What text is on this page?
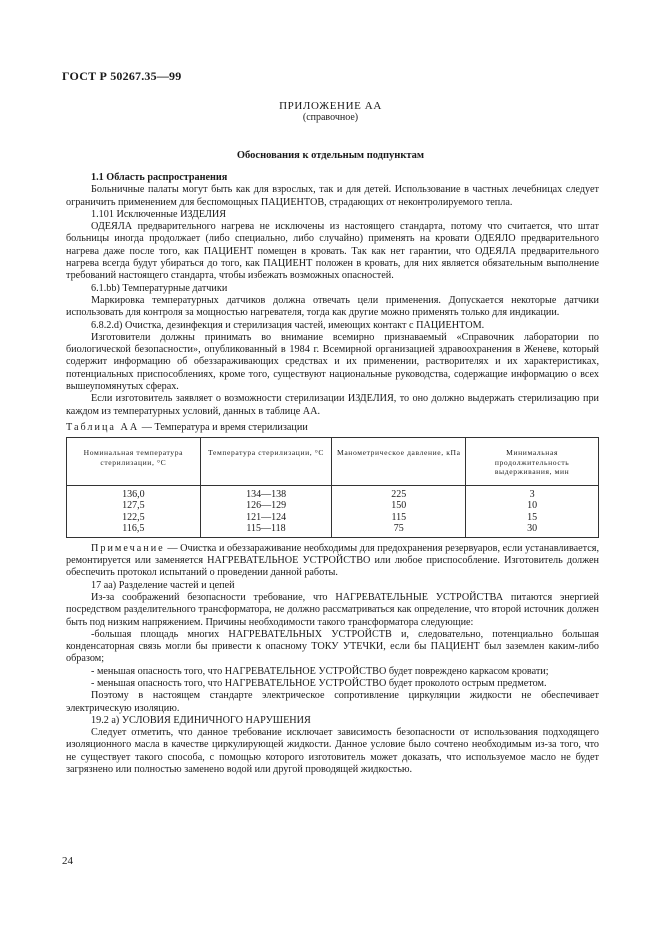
ГОСТ Р 50267.35—99
ПРИЛОЖЕНИЕ АА
(справочное)
Обоснования к отдельным подпунктам

1.1 Область распространения

Больничные палаты могут быть как для взрослых, так и для детей. Использование в частных лечебницах следует ограничить применением для беспомощных ПАЦИЕНТОВ, страдающих от неконтролируемого тепла.

1.101 Исключенные ИЗДЕЛИЯ

ОДЕЯЛА предварительного нагрева не исключены из настоящего стандарта, потому что считается, что штат больницы иногда продолжает (либо специально, либо случайно) применять на кровати ОДЕЯЛО предварительного нагрева даже после того, как ПАЦИЕНТ помещен в кровать. Так как нет гарантии, что ОДЕЯЛА предварительного нагрева всегда будут убираться до того, как ПАЦИЕНТ положен в кровать, для них является обязательным выполнение требований настоящего стандарта, чтобы избежать возможных опасностей.

6.1.bb) Температурные датчики

Маркировка температурных датчиков должна отвечать цели применения. Допускается некоторые датчики использовать для контроля за мощностью нагревателя, тогда как другие можно применять только для индикации.

6.8.2.d) Очистка, дезинфекция и стерилизация частей, имеющих контакт с ПАЦИЕНТОМ.

Изготовители должны принимать во внимание всемирно признаваемый «Справочник лаборатории по биологической безопасности», опубликованный в 1984 г. Всемирной организацией здравоохранения в Женеве, который содержит информацию об обеззараживающих средствах и их применении, растворителях и их характеристиках, потенциальных приспособлениях, кроме того, существуют национальные руководства, содержащие информацию о всех вышеупомянутых сферах.

Если изготовитель заявляет о возможности стерилизации ИЗДЕЛИЯ, то оно должно выдержать стерилизацию при каждом из температурных условий, данных в таблице АА.

Таблица АА — Температура и время стерилизации

Номинальная температура стерилизации, °С	Температура стерилизации, °С	Манометрическое давление, кПа	Минимальная продолжительность выдерживания, мин
136,0	134—138	225	3
127,5	126—129	150	10
122,5	121—124	115	15
116,5	115—118	75	30

Примечание — Очистка и обеззараживание необходимы для предохранения резервуаров, если устанавливается, ремонтируется или заменяется НАГРЕВАТЕЛЬНОЕ УСТРОЙСТВО или любое приспособление. Изготовитель должен обеспечить протокол испытаний о проведении данной работы.

17 аа) Разделение частей и цепей

Из-за соображений безопасности требование, что НАГРЕВАТЕЛЬНЫЕ УСТРОЙСТВА питаются энергией посредством разделительного трансформатора, не должно рассматриваться как определение, что второй источник должен быть под низким напряжением. Причины необходимости такого трансформатора следующие:

-большая площадь многих НАГРЕВАТЕЛЬНЫХ УСТРОЙСТВ и, следовательно, потенциально большая конденсаторная связь могли бы привести к опасному ТОКУ УТЕЧКИ, если бы ПАЦИЕНТ был заземлен каким-либо образом;

- меньшая опасность того, что НАГРЕВАТЕЛЬНОЕ УСТРОЙСТВО будет повреждено каркасом кровати;

- меньшая опасность того, что НАГРЕВАТЕЛЬНОЕ УСТРОЙСТВО будет проколото острым предметом.

Поэтому в настоящем стандарте электрическое сопротивление циркуляции жидкости не обеспечивает электрическую изоляцию.

19.2 а) УСЛОВИЯ ЕДИНИЧНОГО НАРУШЕНИЯ

Следует отметить, что данное требование исключает зависимость безопасности от использования подходящего изоляционного масла в качестве циркулирующей жидкости. Данное условие было сочтено необходимым из-за того, что не существует такого способа, с помощью которого изготовитель может доказать, что используемое масло не будет загрязнено или полностью заменено водой или другой проводящей жидкостью.

24
